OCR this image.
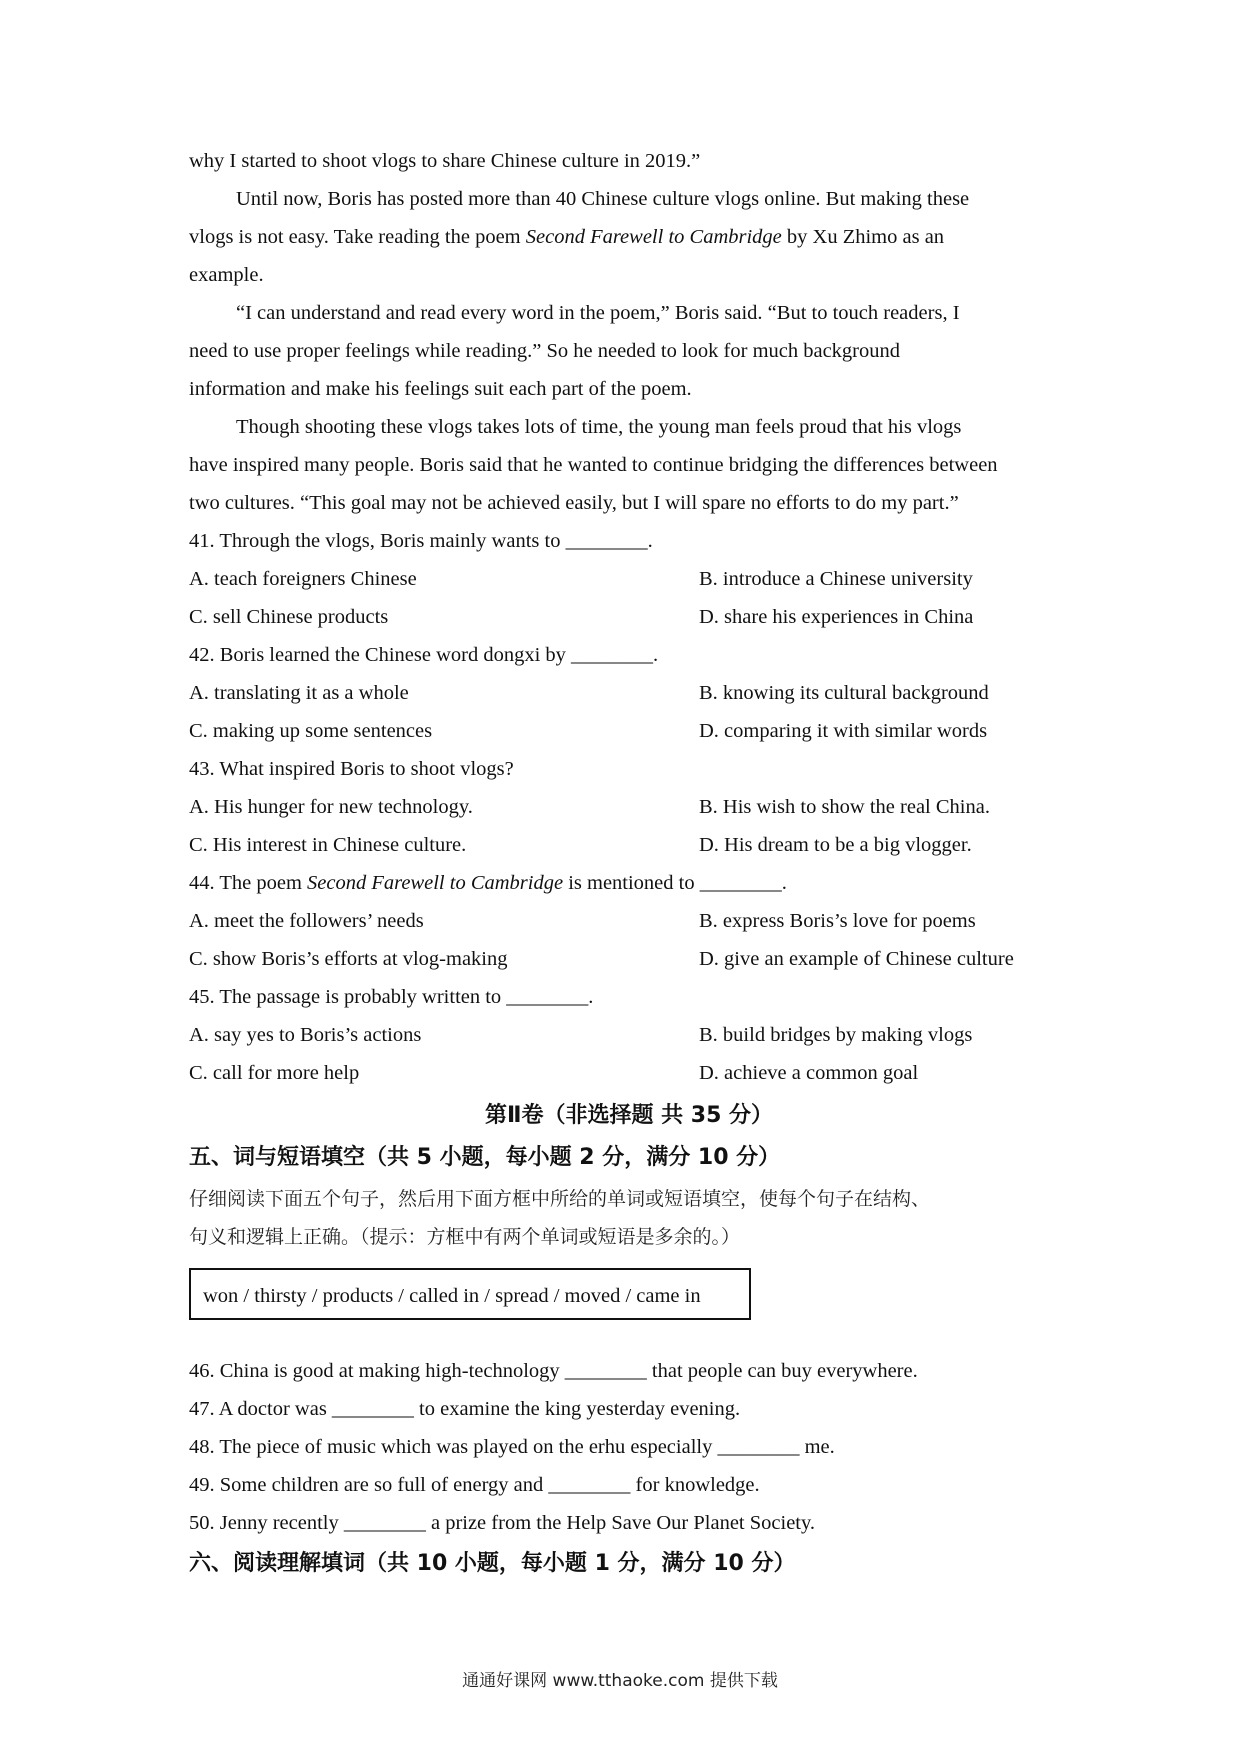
why I started to shoot vlogs to share Chinese culture in 2019.”
Until now, Boris has posted more than 40 Chinese culture vlogs online. But making these
vlogs is not easy. Take reading the poem Second Farewell to Cambridge by Xu Zhimo as an
example.
“I can understand and read every word in the poem,” Boris said. “But to touch readers, I
need to use proper feelings while reading.” So he needed to look for much background
information and make his feelings suit each part of the poem.
Though shooting these vlogs takes lots of time, the young man feels proud that his vlogs
have inspired many people. Boris said that he wanted to continue bridging the differences between
two cultures. “This goal may not be achieved easily, but I will spare no efforts to do my part.”
41. Through the vlogs, Boris mainly wants to ________.
A. teach foreigners Chinese	B. introduce a Chinese university
C. sell Chinese products	D. share his experiences in China
42. Boris learned the Chinese word dongxi by ________.
A. translating it as a whole	B. knowing its cultural background
C. making up some sentences	D. comparing it with similar words
43. What inspired Boris to shoot vlogs?
A. His hunger for new technology.	B. His wish to show the real China.
C. His interest in Chinese culture.	D. His dream to be a big vlogger.
44. The poem Second Farewell to Cambridge is mentioned to ________.
A. meet the followers’ needs	B. express Boris’s love for poems
C. show Boris’s efforts at vlog-making	D. give an example of Chinese culture
45. The passage is probably written to ________.
A. say yes to Boris’s actions	B. build bridges by making vlogs
C. call for more help	D. achieve a common goal
第Ⅱ卷（非选择题 共 35 分）
五、词与短语填空（共 5 小题，每小题 2 分，满分 10 分）
仔细阅读下面五个句子，然后用下面方框中所给的单词或短语填空，使每个句子在结构、
句义和逻辑上正确。（提示：方框中有两个单词或短语是多余的。）
won / thirsty / products / called in / spread / moved / came in
46. China is good at making high-technology ________ that people can buy everywhere.
47. A doctor was ________ to examine the king yesterday evening.
48. The piece of music which was played on the erhu especially ________ me.
49. Some children are so full of energy and ________ for knowledge.
50. Jenny recently ________ a prize from the Help Save Our Planet Society.
六、阅读理解填词（共 10 小题，每小题 1 分，满分 10 分）
通通好课网 www.tthaoke.com 提供下载
